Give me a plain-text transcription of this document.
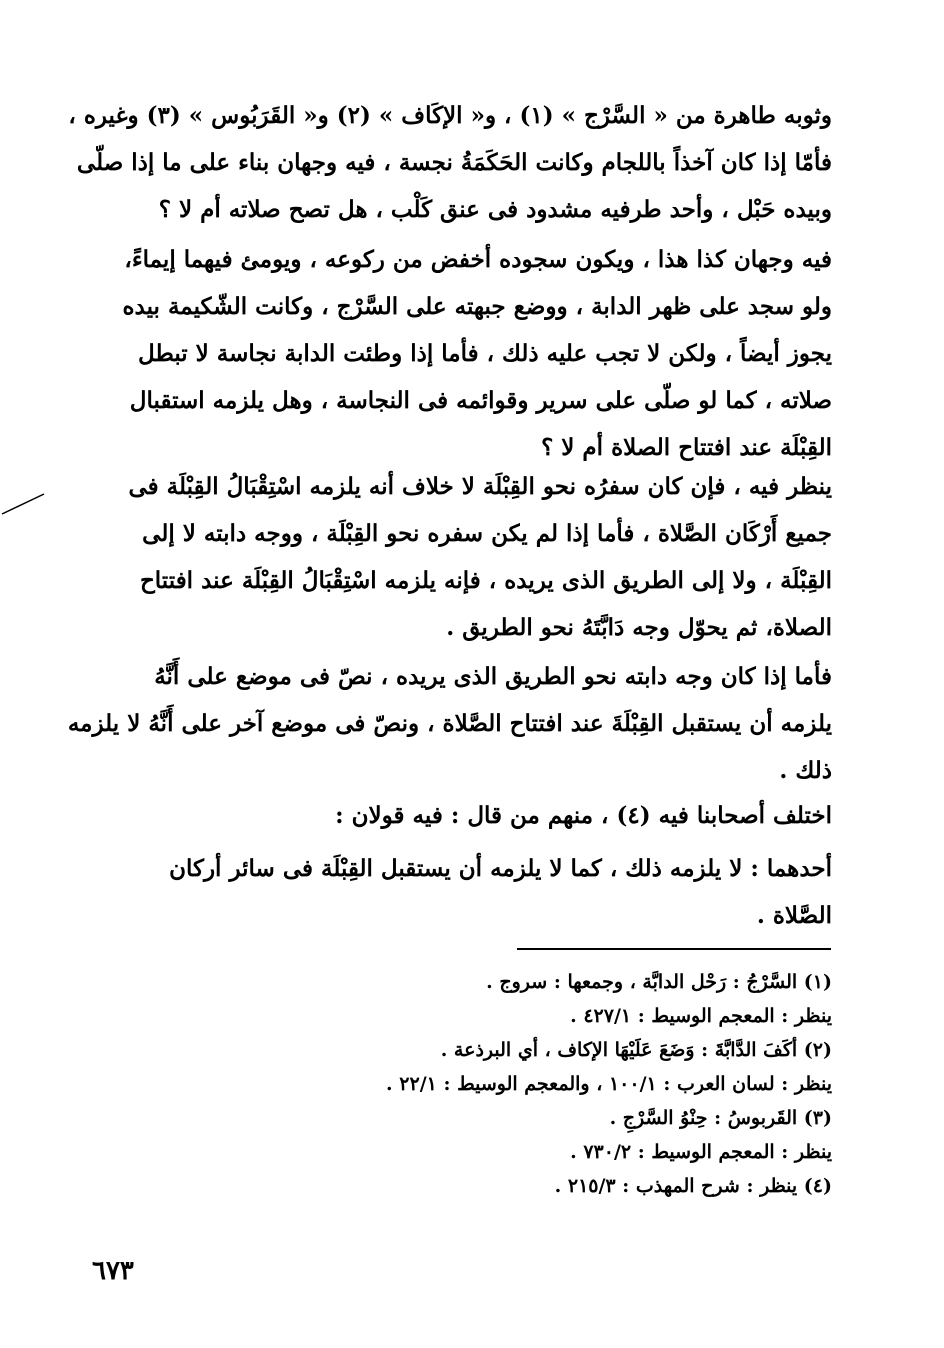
وثوبه طاهرة من « السَّرْج » (١) ، و« الإكَاف » (٢) و« القَرَبُوس » (٣) وغيره ،
فأمّا إذا كان آخذاً باللجام وكانت الحَكَمَةُ نجسة ، فيه وجهان بناء على ما إذا صلّى
وبيده حَبْل ، وأحد طرفيه مشدود فى عنق كَلْب ، هل تصح صلاته أم لا ؟
فيه وجهان كذا هذا ، ويكون سجوده أخفض من ركوعه ، ويومئ فيهما إيماءً،
ولو سجد على ظهر الدابة ، ووضع جبهته على السَّرْج ، وكانت الشّكيمة بيده
يجوز أيضاً ، ولكن لا تجب عليه ذلك ، فأما إذا وطئت الدابة نجاسة لا تبطل
صلاته ، كما لو صلّى على سرير وقوائمه فى النجاسة ، وهل يلزمه استقبال
القِبْلَة عند افتتاح الصلاة أم لا ؟
ينظر فيه ، فإن كان سفرُه نحو القِبْلَة لا خلاف أنه يلزمه اسْتِقْبَالُ القِبْلَة فى
جميع أَرْكَان الصَّلاة ، فأما إذا لم يكن سفره نحو القِبْلَة ، ووجه دابته لا إلى
القِبْلَة ، ولا إلى الطريق الذى يريده ، فإنه يلزمه اسْتِقْبَالُ القِبْلَة عند افتتاح
الصلاة، ثم يحوّل وجه دَابَّتَهُ نحو الطريق .
فأما إذا كان وجه دابته نحو الطريق الذى يريده ، نصّ فى موضع على أَنَّهُ
يلزمه أن يستقبل القِبْلَةَ عند افتتاح الصَّلاة ، ونصّ فى موضع آخر على أَنَّهُ لا يلزمه
ذلك .
اختلف أصحابنا فيه (٤) ، منهم من قال : فيه قولان :
أحدهما : لا يلزمه ذلك ، كما لا يلزمه أن يستقبل القِبْلَة فى سائر أركان
الصَّلاة .
(١) السَّرْجُ : رَحْل الدابَّة ، وجمعها : سروج .
ينظر : المعجم الوسيط : ٤٢٧/١ .
(٢) أكَفَ الدَّابَّةَ : وَضَعَ عَلَيْهَا الإكاف ، أي البرذعة .
ينظر : لسان العرب : ١٠٠/١ ، والمعجم الوسيط : ٢٢/١ .
(٣) القَربوسُ : حِنْوُ السَّرْجِ .
ينظر : المعجم الوسيط : ٧٣٠/٢ .
(٤) ينظر : شرح المهذب : ٢١٥/٣ .
٦٧٣
